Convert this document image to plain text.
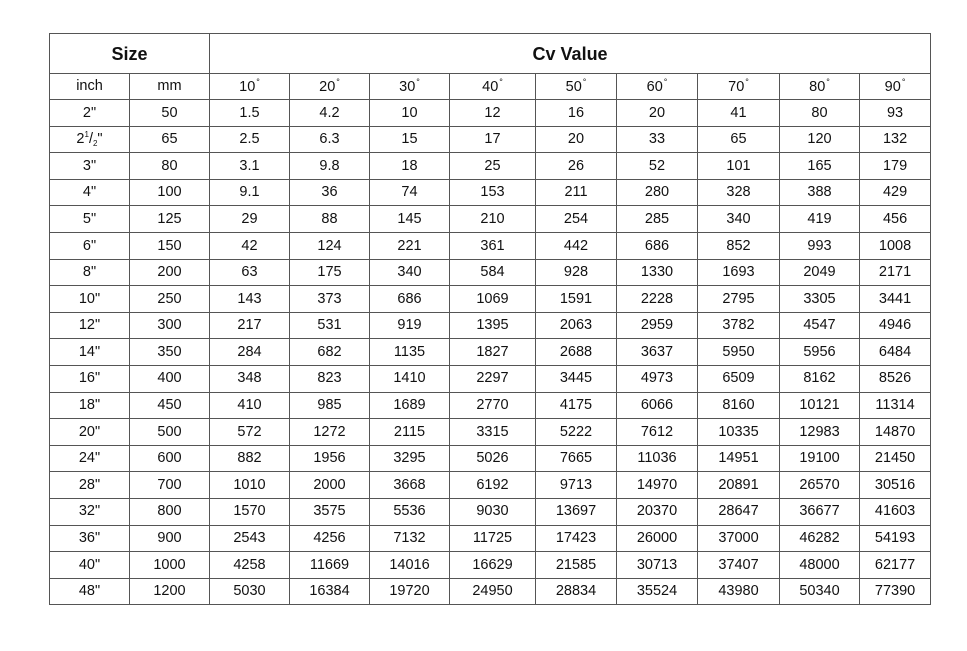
Size		Cv Value								
inch	mm	10°	20°	30°	40°	50°	60°	70°	80°	90°
2"	50	1.5	4.2	10	12	16	20	41	80	93
$2^1/_2$"	65	2.5	6.3	15	17	20	33	65	120	132
3"	80	3.1	9.8	18	25	26	52	101	165	179
4"	100	9.1	36	74	153	211	280	328	388	429
5"	125	29	88	145	210	254	285	340	419	456
6"	150	42	124	221	361	442	686	852	993	1008
8"	200	63	175	340	584	928	1330	1693	2049	2171
10"	250	143	373	686	1069	1591	2228	2795	3305	3441
12"	300	217	531	919	1395	2063	2959	3782	4547	4946
14"	350	284	682	1135	1827	2688	3637	5950	5956	6484
16"	400	348	823	1410	2297	3445	4973	6509	8162	8526
18"	450	410	985	1689	2770	4175	6066	8160	10121	11314
20"	500	572	1272	2115	3315	5222	7612	10335	12983	14870
24"	600	882	1956	3295	5026	7665	11036	14951	19100	21450
28"	700	1010	2000	3668	6192	9713	14970	20891	26570	30516
32"	800	1570	3575	5536	9030	13697	20370	28647	36677	41603
36"	900	2543	4256	7132	11725	17423	26000	37000	46282	54193
40"	1000	4258	11669	14016	16629	21585	30713	37407	48000	62177
48"	1200	5030	16384	19720	24950	28834	35524	43980	50340	77390
